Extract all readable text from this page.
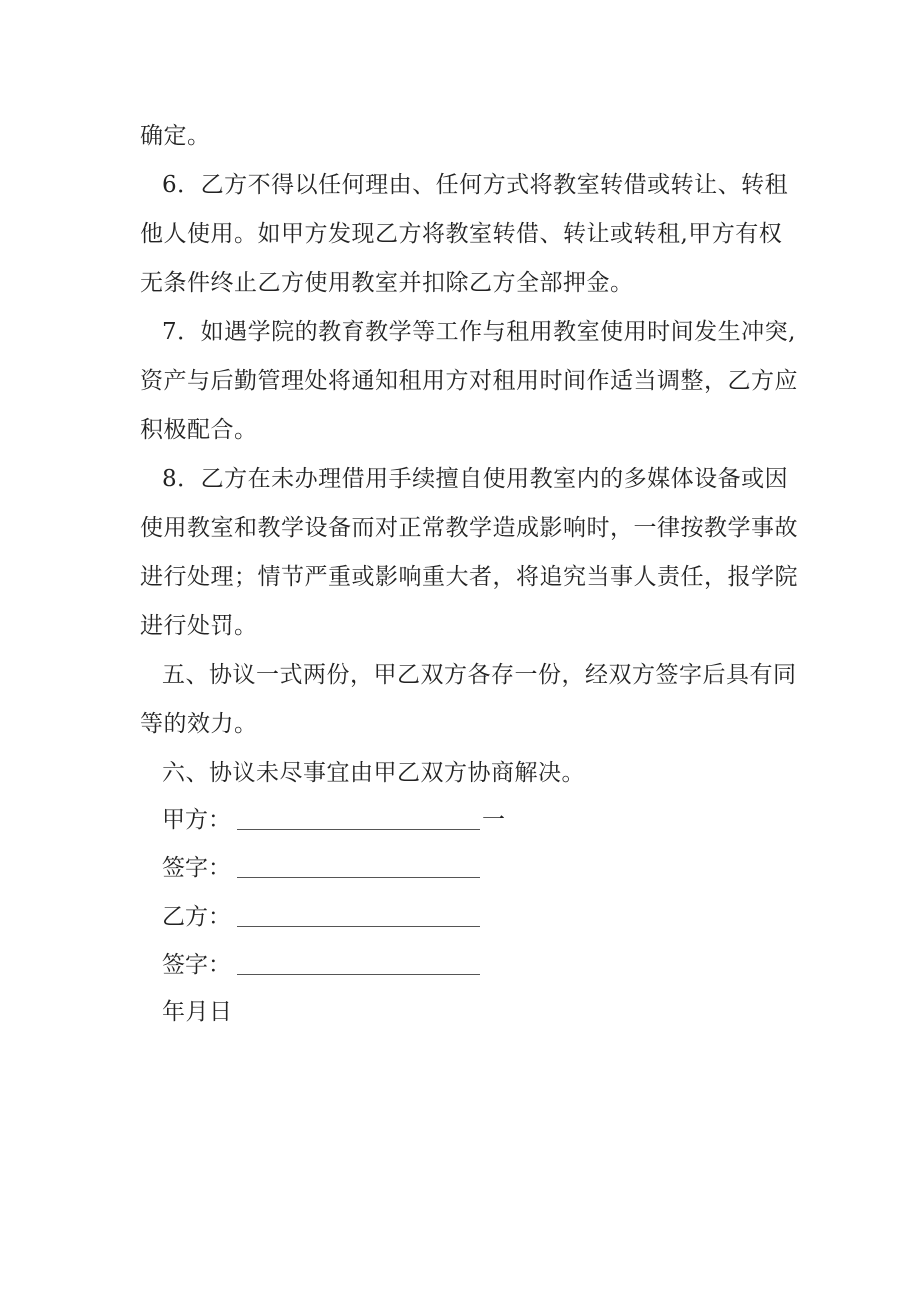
确定。
6．乙方不得以任何理由、任何方式将教室转借或转让、转租
他人使用。如甲方发现乙方将教室转借、转让或转租,甲方有权
无条件终止乙方使用教室并扣除乙方全部押金。
7．如遇学院的教育教学等工作与租用教室使用时间发生冲突,
资产与后勤管理处将通知租用方对租用时间作适当调整，乙方应
积极配合。
8．乙方在未办理借用手续擅自使用教室内的多媒体设备或因
使用教室和教学设备而对正常教学造成影响时，一律按教学事故
进行处理；情节严重或影响重大者，将追究当事人责任，报学院
进行处罚。
五、协议一式两份，甲乙双方各存一份，经双方签字后具有同
等的效力。
六、协议未尽事宜由甲乙双方协商解决。
甲方：	一
签字：
乙方：
签字：
年月日
